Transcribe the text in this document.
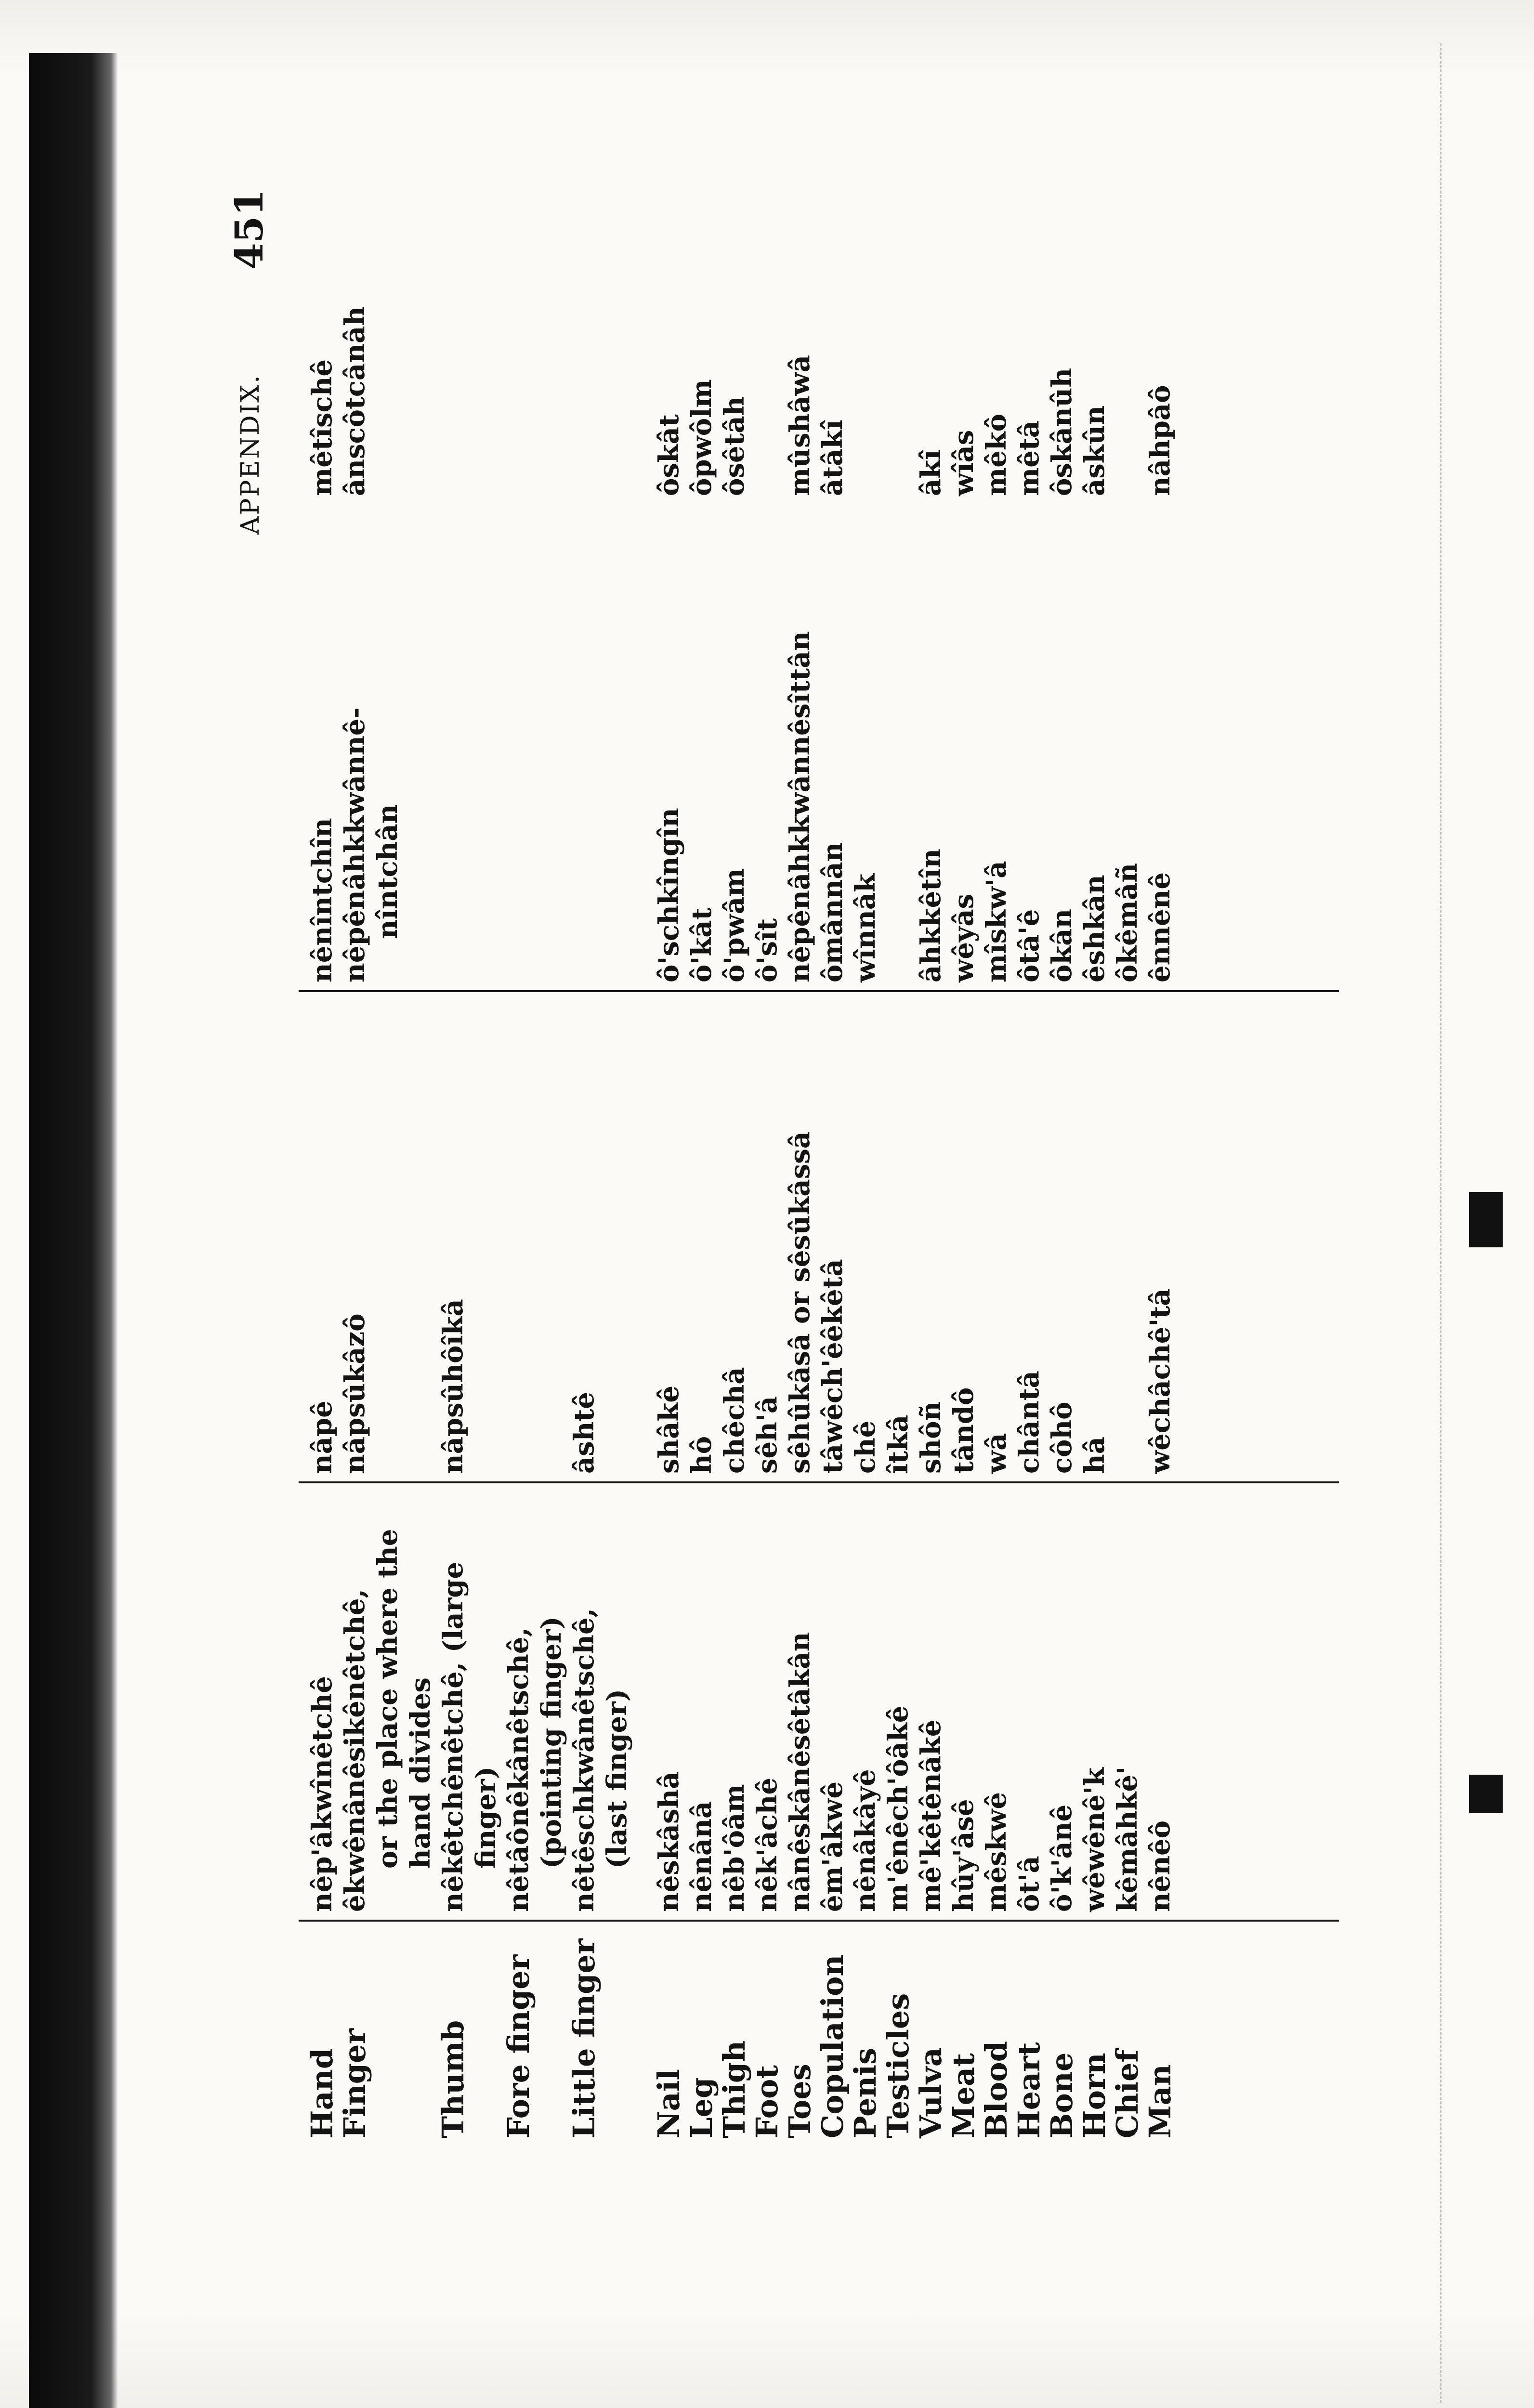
APPENDIX.
451
Hand
nêp'âkwînêtchê
nâpê
nênîntchîn
mêtîschê
Finger
êkwênânêsikênêtchê, or the place where the hand divides
nâpsûkâzô
nêpênâhkkwânnê- nîntchân
ânscôtcânâh
Thumb
nêkêtchênêtchê, (large finger)
nâpsûhôîkâ
Fore finger
nêtâônêkânêtschê, (pointing finger)
Little finger
nêtêschkwânêtschê, (last finger)
âshtê
Nail
nêskâshâ
shâkê
ô'schkîngîn
ôskât
Leg
nênânâ
hô
ô'kât
ôpwôlm
Thigh
nêb'ôâm
chêchâ
ô'pwâm
ôsêtâh
Foot
nêk'âchê
sêh'â
ô'sît
Toes
nânêskânêsêtâkân
sêhûkâsâ or sêsûkâssâ
nêpênâhkkwânnêsîttân
mûshâwâ
Copulation
êm'âkwê
tâwêch'êêkêtâ
ômânnân
âtâkî
Penis
nênâkâyê
chê
wînnâk
Testicles
m'ênêch'ôâkê
îtkâ
Vulva
mê'kêtênâkê
shôñ
âhkkêtîn
âkî
Meat
hûy'âsê
tândô
wêyâs
wîâs
Blood
mêskwê
wâ
mîskw'â
mêkô
Heart
ôt'â
chântâ
ôtâ'ê
mêtâ
Bone
ô'k'ânê
côhô
ôkân
ôskânûh
Horn
wêwênê'k
hâ
êshkân
âskûn
Chief
kêmâhkê'
ôkêmâñ
Man
nênêô
wêchâchê'tâ
ênnênê
nâhpâô
